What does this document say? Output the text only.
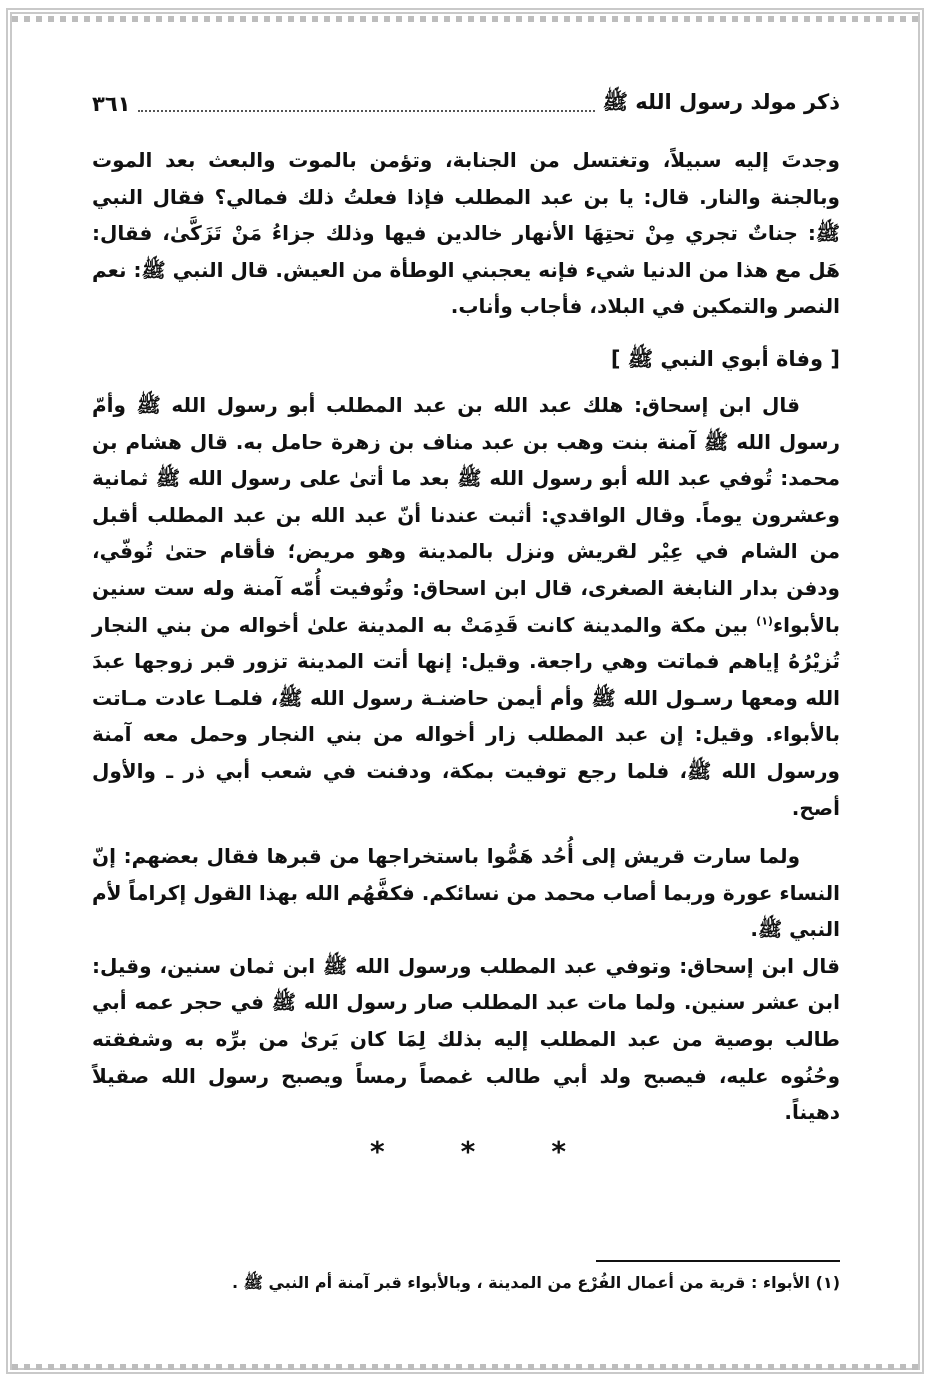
ذكر مولد رسول الله ﷺ
٣٦١

وجدتَ إليه سبيلاً، وتغتسل من الجنابة، وتؤمن بالموت والبعث بعد الموت وبالجنة والنار. قال: يا بن عبد المطلب فإذا فعلتُ ذلك فمالي؟ فقال النبي ﷺ: جناتٌ تجري مِنْ تحتِهَا الأنهار خالدين فيها وذلك جزاءُ مَنْ تَزَكَّىٰ، فقال: هَل مع هذا من الدنيا شيء فإنه يعجبني الوطأة من العيش. قال النبي ﷺ: نعم النصر والتمكين في البلاد، فأجاب وأناب.

[ وفاة أبوي النبي ﷺ ]

قال ابن إسحاق: هلك عبد الله بن عبد المطلب أبو رسول الله ﷺ وأمّ رسول الله ﷺ آمنة بنت وهب بن عبد مناف بن زهرة حامل به. قال هشام بن محمد: تُوفي عبد الله أبو رسول الله ﷺ بعد ما أتىٰ على رسول الله ﷺ ثمانية وعشرون يوماً. وقال الواقدي: أثبت عندنا أنّ عبد الله بن عبد المطلب أقبل من الشام في عِيْر لقريش ونزل بالمدينة وهو مريض؛ فأقام حتىٰ تُوفّي، ودفن بدار النابغة الصغرى، قال ابن اسحاق: وتُوفيت أُمّه آمنة وله ست سنين بالأبواء$^{(١)}$ بين مكة والمدينة كانت قَدِمَتْ به المدينة علىٰ أخواله من بني النجار تُزيْرُهُ إياهم فماتت وهي راجعة. وقيل: إنها أتت المدينة تزور قبر زوجها عبدَ الله ومعها رسـول الله ﷺ وأم أيمن حاضنـة رسول الله ﷺ، فلمـا عادت مـاتت بالأبواء. وقيل: إن عبد المطلب زار أخواله من بني النجار وحمل معه آمنة ورسول الله ﷺ، فلما رجع توفيت بمكة، ودفنت في شعب أبي ذر ـ والأول أصح.

ولما سارت قريش إلى أُحُد هَمُّوا باستخراجها من قبرها فقال بعضهم: إنّ النساء عورة وربما أصاب محمد من نسائكم. فكفَّهُم الله بهذا القول إكراماً لأم النبي ﷺ.

قال ابن إسحاق: وتوفي عبد المطلب ورسول الله ﷺ ابن ثمان سنين، وقيل: ابن عشر سنين. ولما مات عبد المطلب صار رسول الله ﷺ في حجر عمه أبي طالب بوصية من عبد المطلب إليه بذلك لِمَا كان يَرىٰ من برِّه به وشفقته وحُنُوه عليه، فيصبح ولد أبي طالب غمصاً رمساً ويصبح رسول الله صقيلاً دهيناً.

*	*	*
(١) الأبواء : قرية من أعمال الفُرْع من المدينة ، وبالأبواء قبر آمنة أم النبي ﷺ .
